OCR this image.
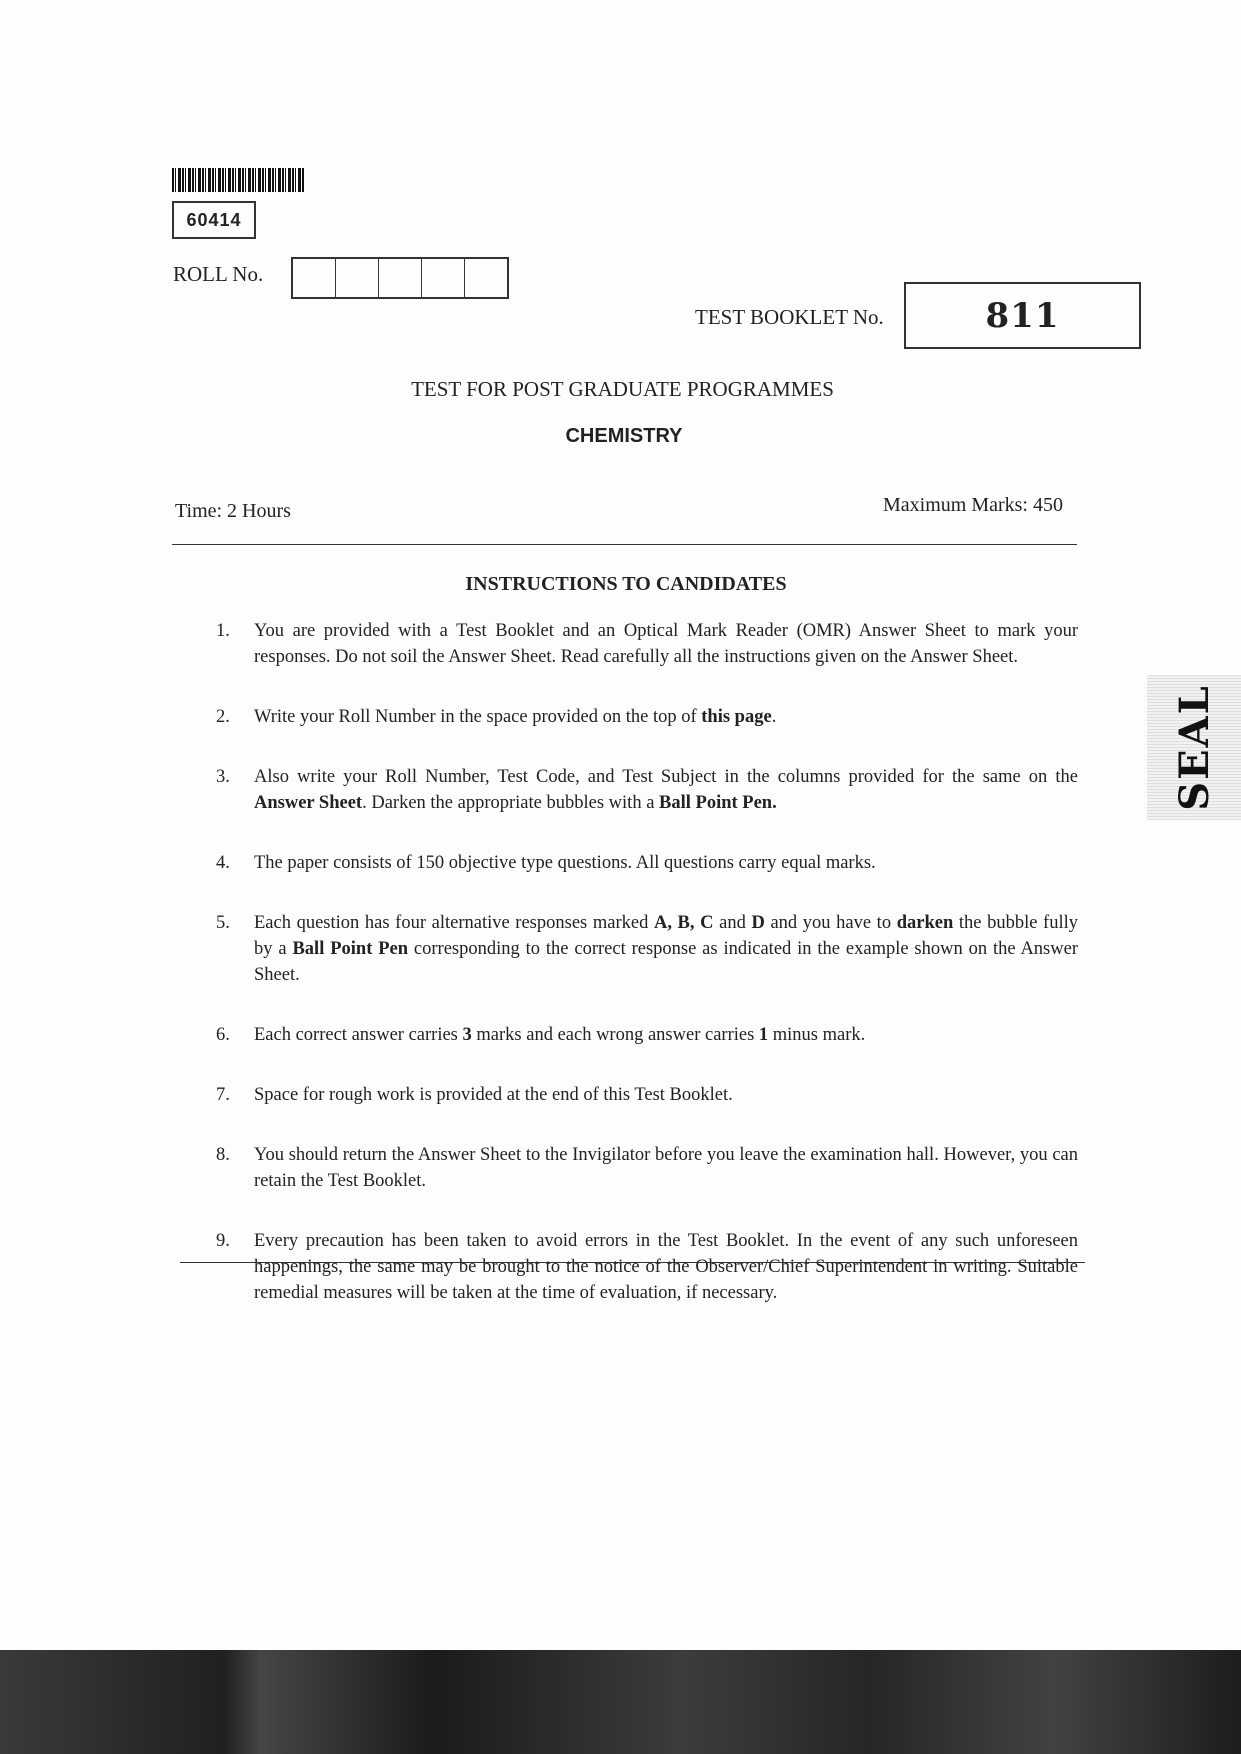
60414
ROLL No.
TEST BOOKLET No.	811
TEST FOR POST GRADUATE PROGRAMMES
CHEMISTRY
Time: 2 Hours	Maximum Marks: 450
INSTRUCTIONS TO CANDIDATES
1.	You are provided with a Test Booklet and an Optical Mark Reader (OMR) Answer Sheet to mark your responses. Do not soil the Answer Sheet. Read carefully all the instructions given on the Answer Sheet.
2.	Write your Roll Number in the space provided on the top of this page.
3.	Also write your Roll Number, Test Code, and Test Subject in the columns provided for the same on the Answer Sheet. Darken the appropriate bubbles with a Ball Point Pen.
4.	The paper consists of 150 objective type questions. All questions carry equal marks.
5.	Each question has four alternative responses marked A, B, C and D and you have to darken the bubble fully by a Ball Point Pen corresponding to the correct response as indicated in the example shown on the Answer Sheet.
6.	Each correct answer carries 3 marks and each wrong answer carries 1 minus mark.
7.	Space for rough work is provided at the end of this Test Booklet.
8.	You should return the Answer Sheet to the Invigilator before you leave the examination hall. However, you can retain the Test Booklet.
9.	Every precaution has been taken to avoid errors in the Test Booklet. In the event of any such unforeseen happenings, the same may be brought to the notice of the Observer/Chief Superintendent in writing. Suitable remedial measures will be taken at the time of evaluation, if necessary.
SEAL
